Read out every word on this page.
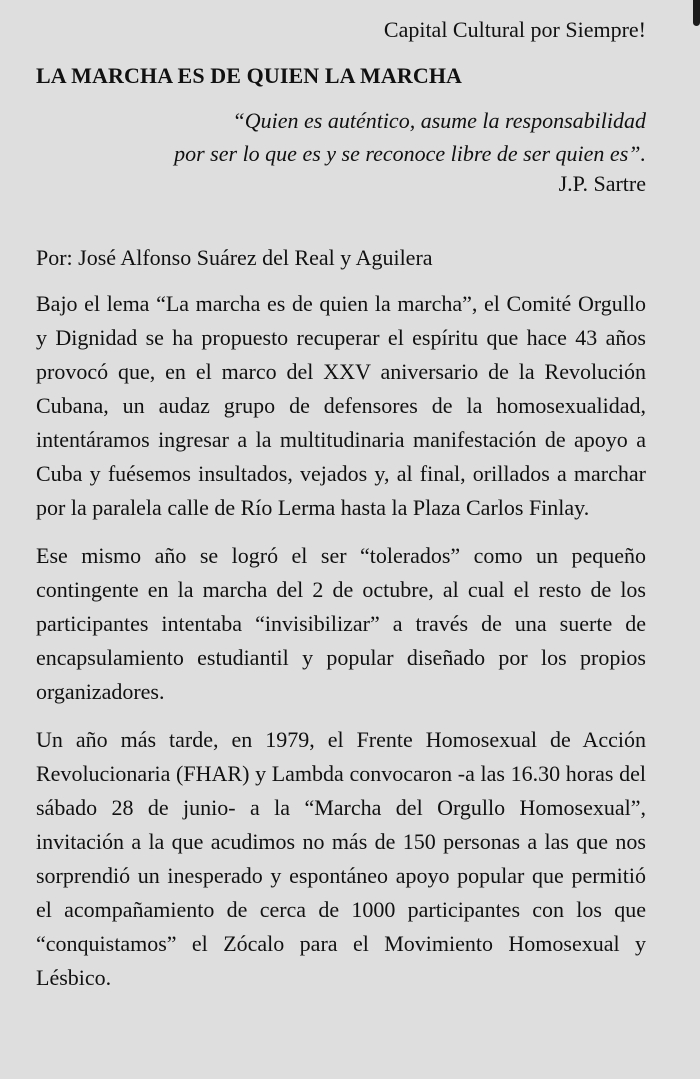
Capital Cultural por Siempre!

LA MARCHA ES DE QUIEN LA MARCHA
“Quien es auténtico, asume la responsabilidad
por ser lo que es y se reconoce libre de ser quien es”.
J.P. Sartre

Por: José Alfonso Suárez del Real y Aguilera

Bajo el lema “La marcha es de quien la marcha”, el Comité Orgullo y Dignidad se ha propuesto recuperar el espíritu que hace 43 años provocó que, en el marco del XXV aniversario de la Revolución Cubana, un audaz grupo de defensores de la homosexualidad, intentáramos ingresar a la multitudinaria manifestación de apoyo a Cuba y fuésemos insultados, vejados y, al final, orillados a marchar por la paralela calle de Río Lerma hasta la Plaza Carlos Finlay.

Ese mismo año se logró el ser “tolerados” como un pequeño contingente en la marcha del 2 de octubre, al cual el resto de los participantes intentaba “invisibilizar” a través de una suerte de encapsulamiento estudiantil y popular diseñado por los propios organizadores.

Un año más tarde, en 1979, el Frente Homosexual de Acción Revolucionaria (FHAR) y Lambda convocaron -a las 16.30 horas del sábado 28 de junio- a la “Marcha del Orgullo Homosexual”, invitación a la que acudimos no más de 150 personas a las que nos sorprendió un inesperado y espontáneo apoyo popular que permitió el acompañamiento de cerca de 1000 participantes con los que “conquistamos” el Zócalo para el Movimiento Homosexual y Lésbico.
